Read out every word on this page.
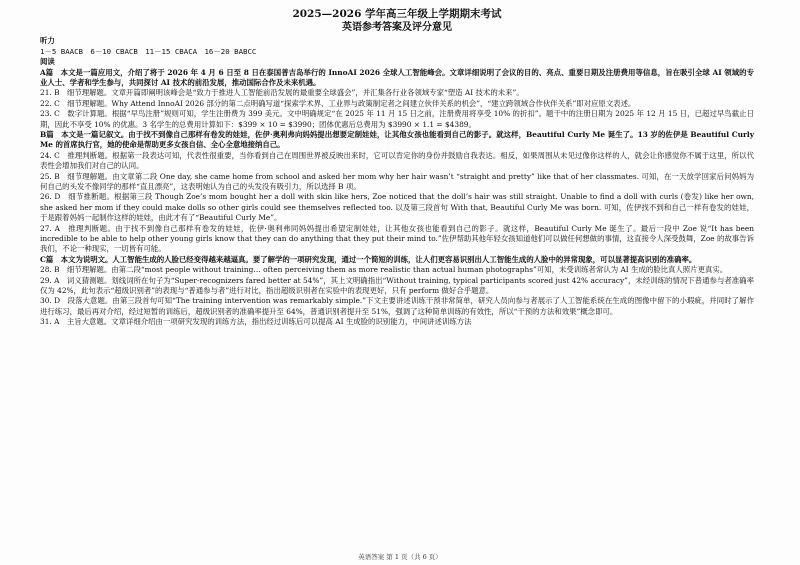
2025—2026 学年高三年级上学期期末考试
英语参考答案及评分意见
听力
1－5 BAACB　6－10 CBACB　11－15 CBACA　16－20 BABCC
阅读

A篇　本文是一篇应用文，介绍了将于 2026 年 4 月 6 日至 8 日在泰国普吉岛举行的 InnoAI 2026 全球人工智能峰会。文章详细说明了会议的目的、亮点、重要日期及注册费用等信息，旨在吸引全球 AI 领域的专业人士、学者和学生参与，共同探讨 AI 技术的前沿发展，推动国际合作及未来机遇。

21. B　细节理解题。文章开篇即阐明该峰会是“致力于推进人工智能前沿发展的最重要全球盛会”，并汇集各行业各领域专家“塑造 AI 技术的未来”。

22. C　细节理解题。Why Attend InnoAI 2026 部分的第二点明确写道“探索学术界、工业界与政策制定者之间建立伙伴关系的机会”，“建立跨领域合作伙伴关系”即对应原文表述。

23. C　数字计算题。根据“早鸟注册”规则可知，学生注册费为 399 美元。文中明确规定“在 2025 年 11 月 15 日之前，注册费用将享受 10% 的折扣”。题干中的注册日期为 2025 年 12 月 15 日，已超过早鸟截止日期，因此不享受 10% 的优惠。3 名学生的总费用计算如下：$399 × 10 = $3990；团体优惠后总费用为 $3990 × 1.1 = $4389。

B篇　本文是一篇记叙文。由于找不到像自己那样有卷发的娃娃，佐伊·奥利弗向妈妈提出想要定制娃娃，让其他女孩也能看到自己的影子。就这样，Beautiful Curly Me 诞生了。13 岁的佐伊是 Beautiful Curly Me 的首席执行官，她的使命是帮助更多女孩自信、全心全意地接纳自己。

24. C　推理判断题。根据第一段表达可知，代表性很重要，当你看到自己在周围世界被反映出来时，它可以肯定你的身份并鼓励自我表达。相反，如果周围从未见过像你这样的人，就会让你感觉你不属于这里，所以代表性会增加我们对自己的认同。

25. B　细节理解题。由文章第二段 One day, she came home from school and asked her mom why her hair wasn’t “straight and pretty” like that of her classmates. 可知，在一天放学回家后问妈妈为何自己的头发不像同学的那样“直且漂亮”，这表明她认为自己的头发没有吸引力，所以选择 B 项。

26. D　细节推断题。根据第三段 Though Zoe’s mom bought her a doll with skin like hers, Zoe noticed that the doll’s hair was still straight. Unable to find a doll with curls (卷发) like her own, she asked her mom if they could make dolls so other girls could see themselves reflected too. 以及第三段首句 With that, Beautiful Curly Me was born. 可知，佐伊找不到和自己一样有卷发的娃娃，于是跟着妈妈一起制作这样的娃娃，由此才有了“Beautiful Curly Me”。

27. A　推理判断题。由于找不到像自己那样有卷发的娃娃，佐伊·奥利弗同妈妈提出希望定制娃娃，让其他女孩也能看到自己的影子。就这样，Beautiful Curly Me 诞生了。最后一段中 Zoe 说“It has been incredible to be able to help other young girls know that they can do anything that they put their mind to.”佐伊帮助其他年轻女孩知道他们可以做任何想做的事情，这直接令人深受鼓舞，Zoe 的故事告诉我们，不论一种现实，一切皆有可能。

C篇　本文为说明文。人工智能生成的人脸已经变得越来越逼真。要了解学的一项研究发现，通过一个简短的训练，让人们更容易识别出人工智能生成的人脸中的异常现象，可以显著提高识别的准确率。

28. B　细节理解题。由第二段“most people without training… often perceiving them as more realistic than actual human photographs”可知，未受训练者常认为 AI 生成的脸比真人照片更真实。

29. A　词义猜测题。划线词所在句子为“Super-recognizers fared better at 54%”，其上文明确指出“Without training, typical participants scored just 42% accuracy”，未经训练的情况下普通参与者准确率仅为 42%，此句表示“超级识别者”的表现与“普通参与者”进行对比，指出超级识别者在实验中的表现更好，只有 perform 做好合乎题意。

30. D　段落大意题。由第三段首句可知“The training intervention was remarkably simple.”下文主要讲述训练干预非常简单，研究人员向参与者展示了人工智能系统在生成的图像中留下的小瑕疵，并同时了解作进行练习，最后再对介绍，经过短暂的训练后，超级识别者的准确率提升至 64%，普通识别者提升至 51%，强调了这种简单训练的有效性，所以“干预的方法和效果”概念即可。

31. A　主旨大意题。文章详细介绍由一项研究发现的训练方法，指出经过训练后可以提高 AI 生成脸的识别能力，中间讲述训练方法

英语答案 第 1 页（共 6 页）
